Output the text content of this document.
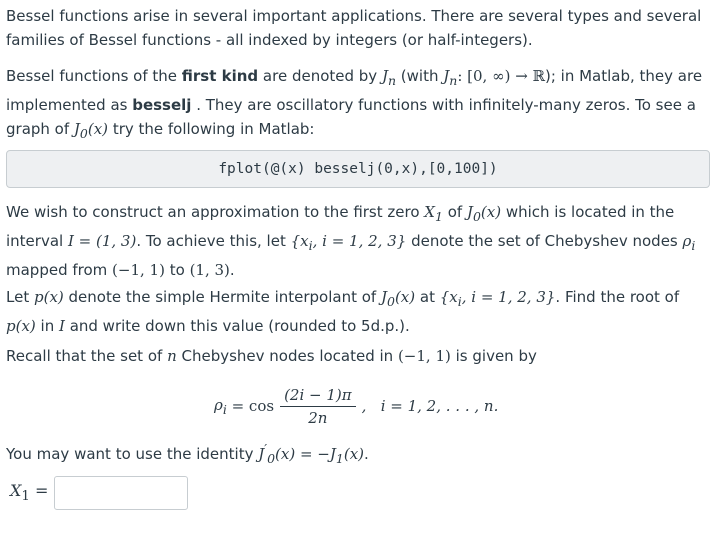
Bessel functions arise in several important applications. There are several types and several families of Bessel functions - all indexed by integers (or half-integers).

Bessel functions of the first kind are denoted by $J_n$ (with $J_n$: [0, ∞) → ℝ); in Matlab, they are implemented as besselj . They are oscillatory functions with infinitely-many zeros. To see a graph of $J_0(x)$ try the following in Matlab:

fplot(@(x) besselj(0,x),[0,100])

We wish to construct an approximation to the first zero $X_1$ of $J_0(x)$ which is located in the interval I = (1, 3). To achieve this, let {$x_i$, i = 1, 2, 3} denote the set of Chebyshev nodes $\rho_i$ mapped from (−1, 1) to (1, 3).

Let p(x) denote the simple Hermite interpolant of $J_0(x)$ at {$x_i$, i = 1, 2, 3}. Find the root of p(x) in I and write down this value (rounded to 5d.p.).

Recall that the set of n Chebyshev nodes located in (−1, 1) is given by

$\rho_i = \cos \frac{(2i - 1)\pi}{2n}$ ,   i = 1, 2, . . . , n.

You may want to use the identity $J'_0(x) = -J_1(x)$.

$X_1$ =
